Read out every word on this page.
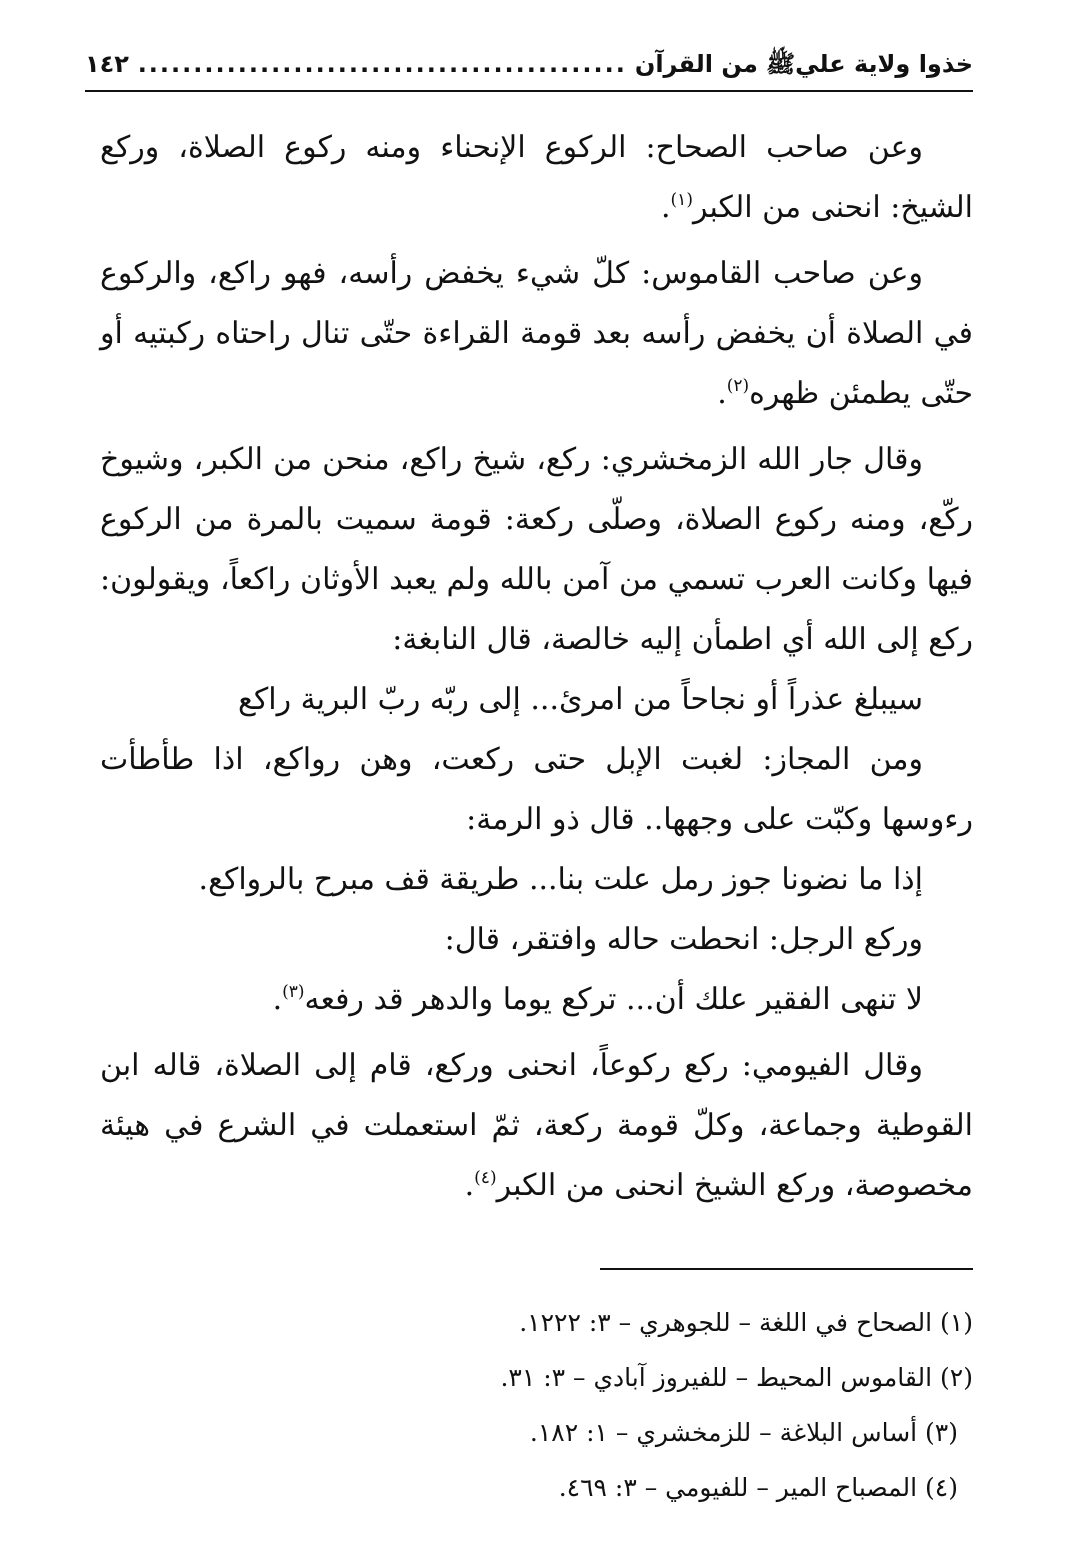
خذوا ولاية عليﷺ من القرآن
.....
١٤٢

وعن صاحب الصحاح: الركوع الإنحناء ومنه ركوع الصلاة، وركع الشيخ: انحنى من الكبر$^{(١)}$.

وعن صاحب القاموس: كلّ شيء يخفض رأسه، فهو راكع، والركوع في الصلاة أن يخفض رأسه بعد قومة القراءة حتّى تنال راحتاه ركبتيه أو حتّى يطمئن ظهره$^{(٢)}$.

وقال جار الله الزمخشري: ركع، شيخ راكع، منحن من الكبر، وشيوخ ركّع، ومنه ركوع الصلاة، وصلّى ركعة: قومة سميت بالمرة من الركوع فيها وكانت العرب تسمي من آمن بالله ولم يعبد الأوثان راكعاً، ويقولون: ركع إلى الله أي اطمأن إليه خالصة، قال النابغة:

سيبلغ عذراً أو نجاحاً من امرئ... إلى ربّه ربّ البرية راكع

ومن المجاز: لغبت الإبل حتى ركعت، وهن رواكع، اذا طأطأت رءوسها وكبّت على وجهها.. قال ذو الرمة:

إذا ما نضونا جوز رمل علت بنا... طريقة قف مبرح بالرواكع.

وركع الرجل: انحطت حاله وافتقر، قال:

لا تنهى الفقير علك أن... تركع يوما والدهر قد رفعه$^{(٣)}$.

وقال الفيومي: ركع ركوعاً، انحنى وركع، قام إلى الصلاة، قاله ابن القوطية وجماعة، وكلّ قومة ركعة، ثمّ استعملت في الشرع في هيئة مخصوصة، وركع الشيخ انحنى من الكبر$^{(٤)}$.

(١) الصحاح في اللغة – للجوهري – ٣: ١٢٢٢.

(٢) القاموس المحيط – للفيروز آبادي – ٣: ٣١.

(٣) أساس البلاغة – للزمخشري – ١: ١٨٢.

(٤) المصباح المير – للفيومي – ٣: ٤٦٩.
